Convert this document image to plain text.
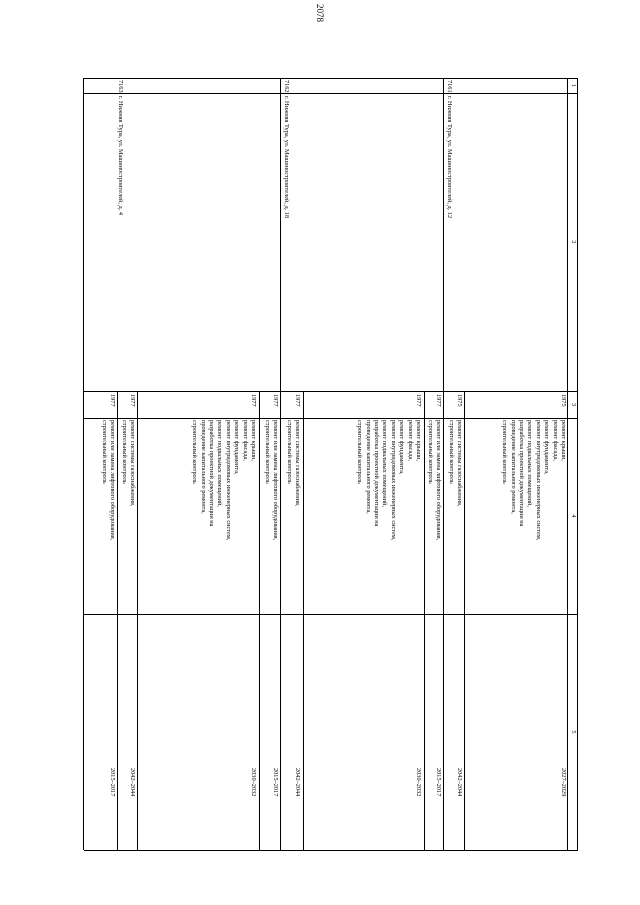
2078
1
2
3
4
5
7161.
г. Нижняя Тура, ул. Машиностроителей, д. 12
1975
ремонт крыши,
ремонт фасада,
ремонт фундамента,
ремонт внутридомовых инженерных систем,
ремонт подвальных помещений,
разработка проектной документации на
проведение капитального ремонта,
строительный контроль
2027–2029
1975
ремонт системы газоснабжения,
строительный контроль
2042–2044
1977
ремонт или замена лифтового оборудования,
строительный контроль
2015–2017
1977
ремонт крыши,
ремонт фасада,
ремонт фундамента,
ремонт внутридомовых инженерных систем,
ремонт подвальных помещений,
разработка проектной документации на
проведение капитального ремонта,
строительный контроль
2030–2032
1977
ремонт системы газоснабжения,
строительный контроль
2042–2044
7162.
г. Нижняя Тура, ул. Машиностроителей, д. 18
1977
ремонт или замена лифтового оборудования,
строительный контроль
2015–2017
1977
ремонт крыши,
ремонт фасада,
ремонт фундамента,
ремонт внутридомовых инженерных систем,
ремонт подвальных помещений,
разработка проектной документации на
проведение капитального ремонта,
строительный контроль
2030–2032
1977
ремонт системы газоснабжения,
строительный контроль
2042–2044
7163.
г. Нижняя Тура, ул. Машиностроителей, д. 4
1977
ремонт или замена лифтового оборудования,
строительный контроль
2015–2017
